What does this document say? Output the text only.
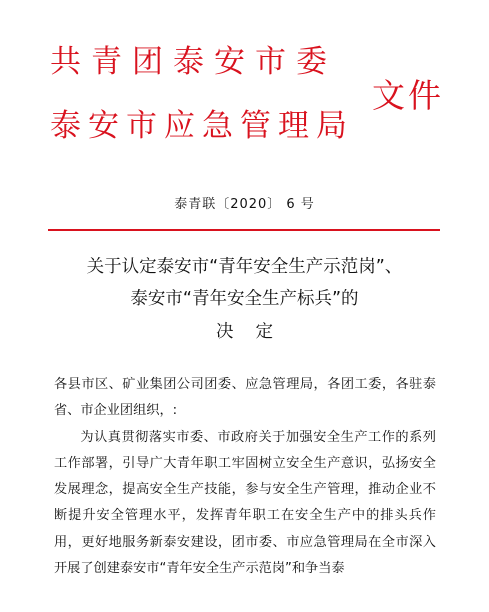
共青团泰安市委
泰安市应急管理局
文件
泰青联〔2020〕 6 号
关于认定泰安市“青年安全生产示范岗”、
泰安市“青年安全生产标兵”的
决定

各县市区、矿业集团公司团委、应急管理局，各团工委，各驻泰省、市企业团组织，:

为认真贯彻落实市委、市政府关于加强安全生产工作的系列工作部署，引导广大青年职工牢固树立安全生产意识，弘扬安全发展理念，提高安全生产技能，参与安全生产管理，推动企业不断提升安全管理水平，发挥青年职工在安全生产中的排头兵作用，更好地服务新泰安建设，团市委、市应急管理局在全市深入开展了创建泰安市“青年安全生产示范岗”和争当泰
